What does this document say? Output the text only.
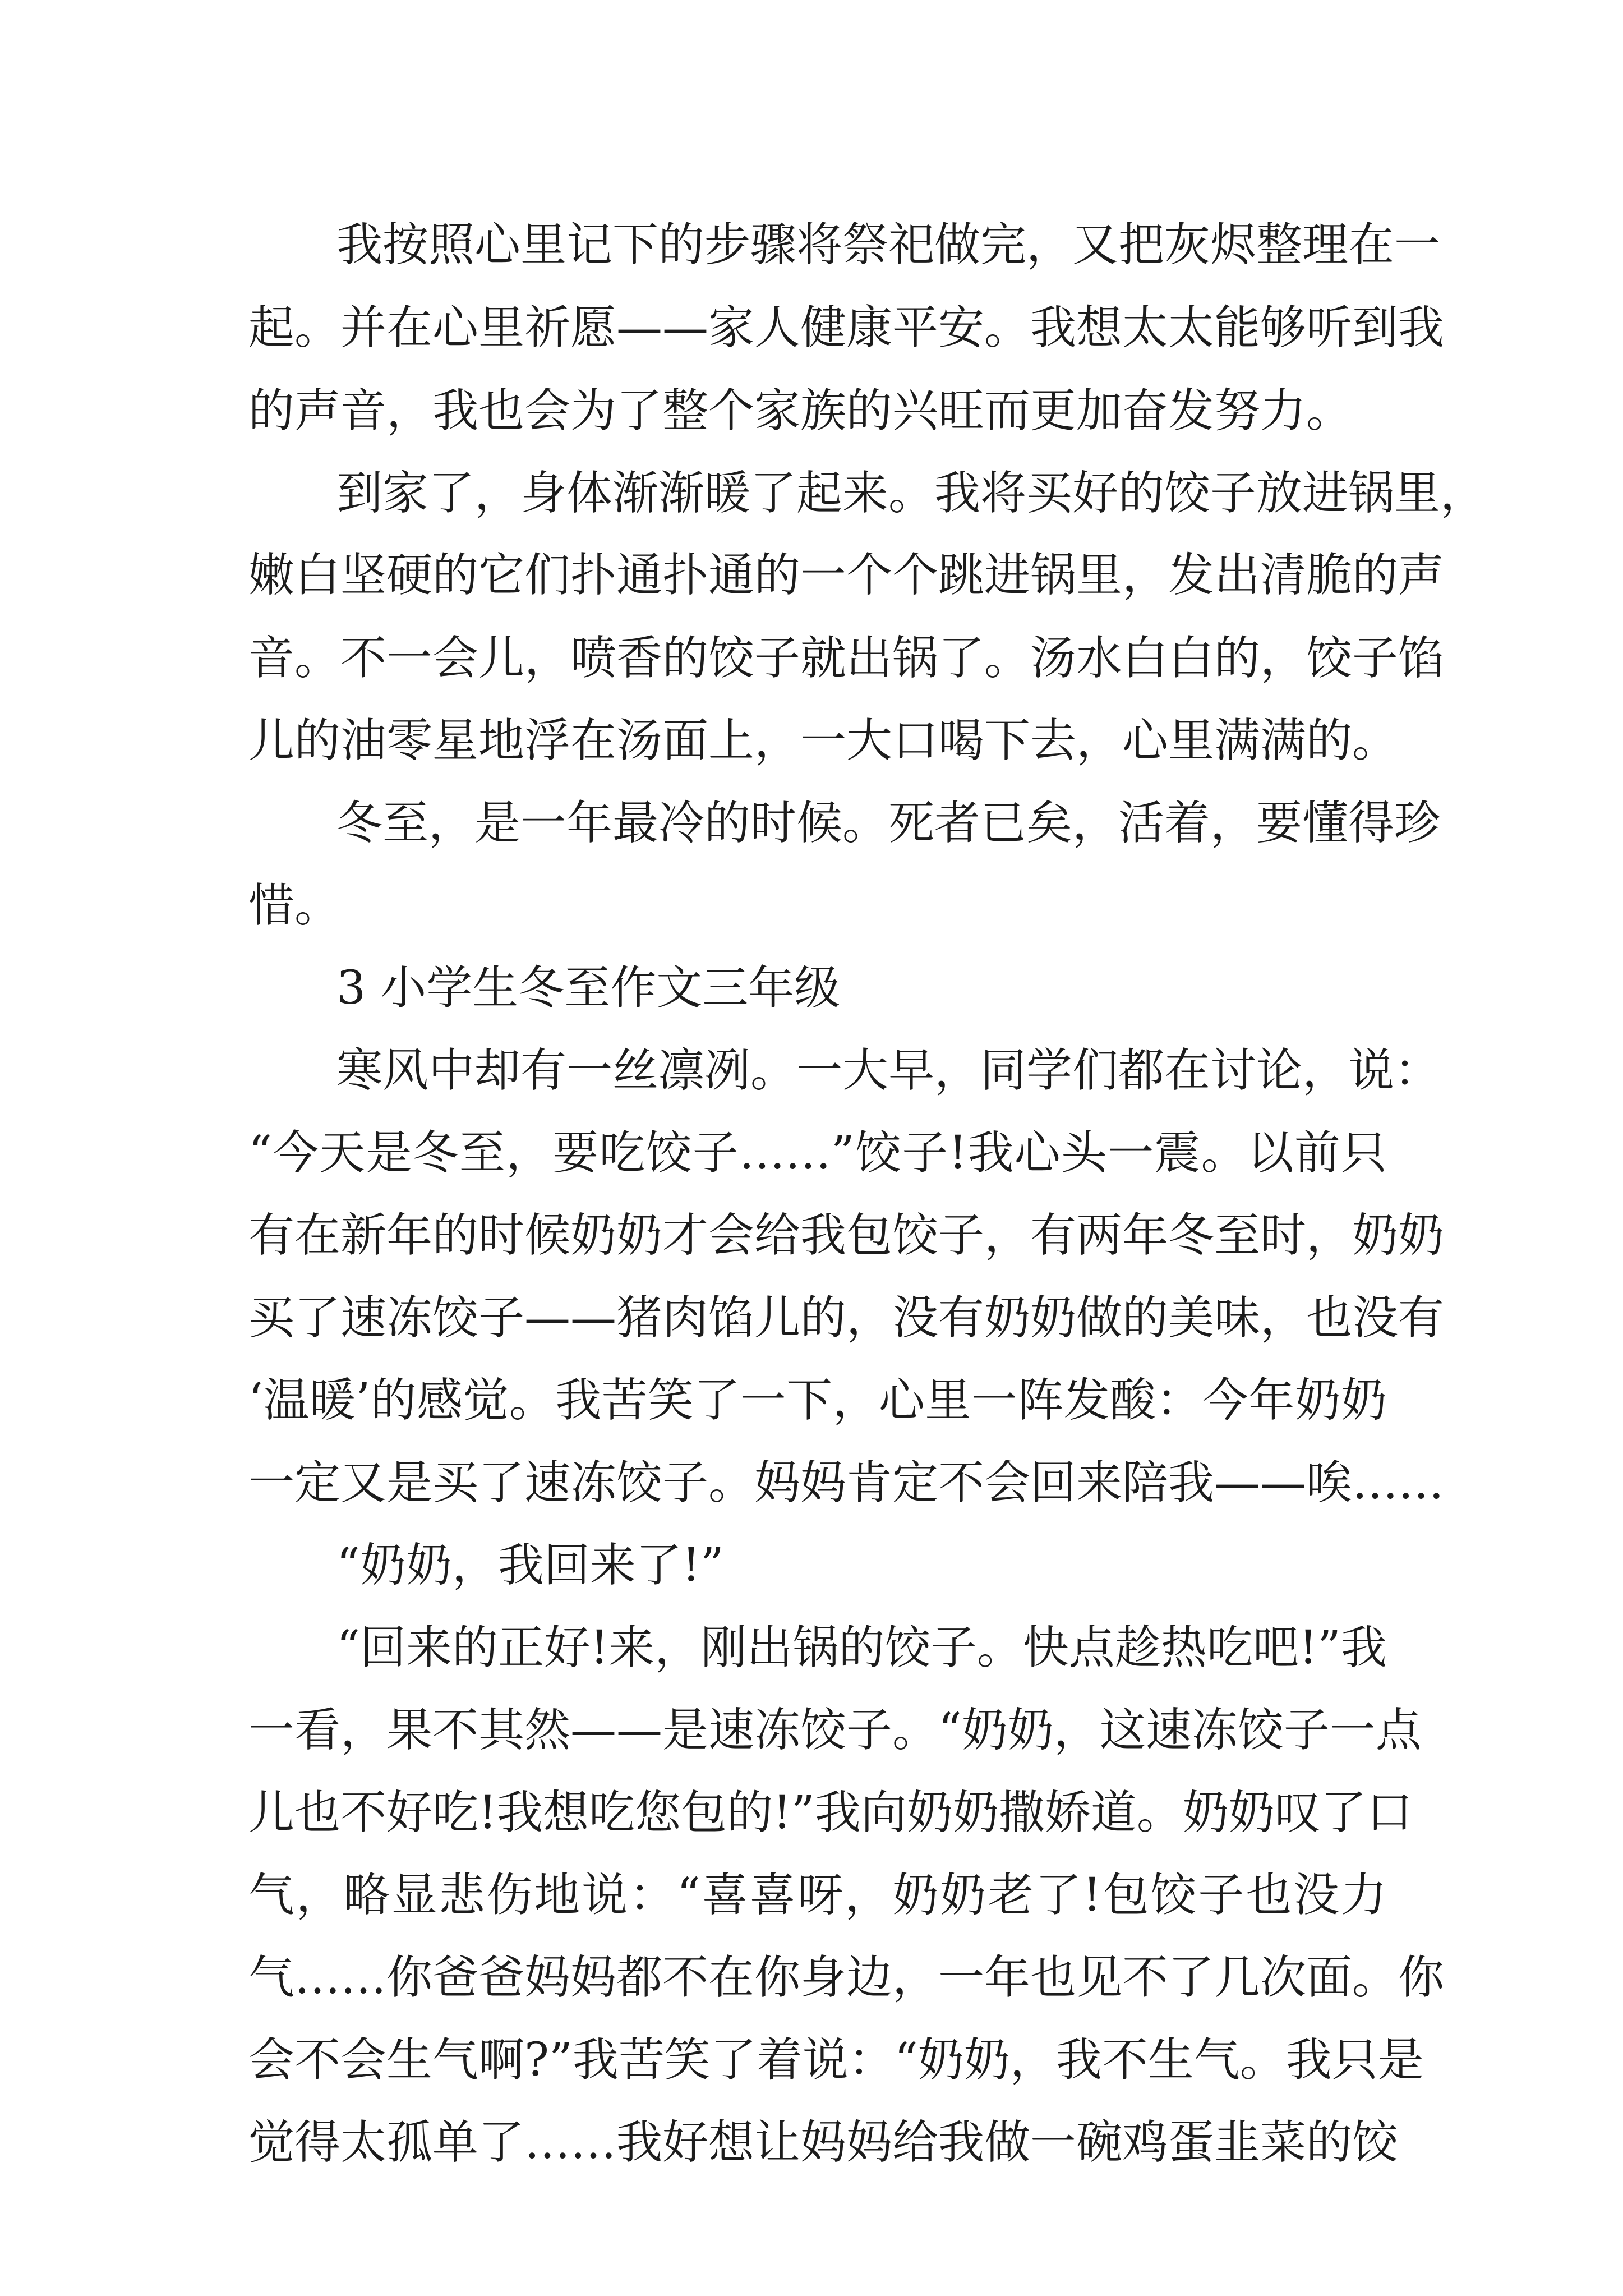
我按照心里记下的步骤将祭祀做完，又把灰烬整理在一
起。并在心里祈愿——家人健康平安。我想太太能够听到我
的声音，我也会为了整个家族的兴旺而更加奋发努力。
到家了，身体渐渐暖了起来。我将买好的饺子放进锅里，
嫩白坚硬的它们扑通扑通的一个个跳进锅里，发出清脆的声
音。不一会儿，喷香的饺子就出锅了。汤水白白的，饺子馅
儿的油零星地浮在汤面上，一大口喝下去，心里满满的。
冬至，是一年最冷的时候。死者已矣，活着，要懂得珍
惜。
3 小学生冬至作文三年级
寒风中却有一丝凛冽。一大早，同学们都在讨论，说：
“今天是冬至，要吃饺子……”饺子!我心头一震。以前只
有在新年的时候奶奶才会给我包饺子，有两年冬至时，奶奶
买了速冻饺子——猪肉馅儿的，没有奶奶做的美味，也没有
‘温暖’的感觉。我苦笑了一下，心里一阵发酸：今年奶奶
一定又是买了速冻饺子。妈妈肯定不会回来陪我——唉……
“奶奶，我回来了!”
“回来的正好!来，刚出锅的饺子。快点趁热吃吧!”我
一看，果不其然——是速冻饺子。“奶奶，这速冻饺子一点
儿也不好吃!我想吃您包的!”我向奶奶撒娇道。奶奶叹了口
气，略显悲伤地说：“喜喜呀，奶奶老了!包饺子也没力
气……你爸爸妈妈都不在你身边，一年也见不了几次面。你
会不会生气啊?”我苦笑了着说：“奶奶，我不生气。我只是
觉得太孤单了……我好想让妈妈给我做一碗鸡蛋韭菜的饺
